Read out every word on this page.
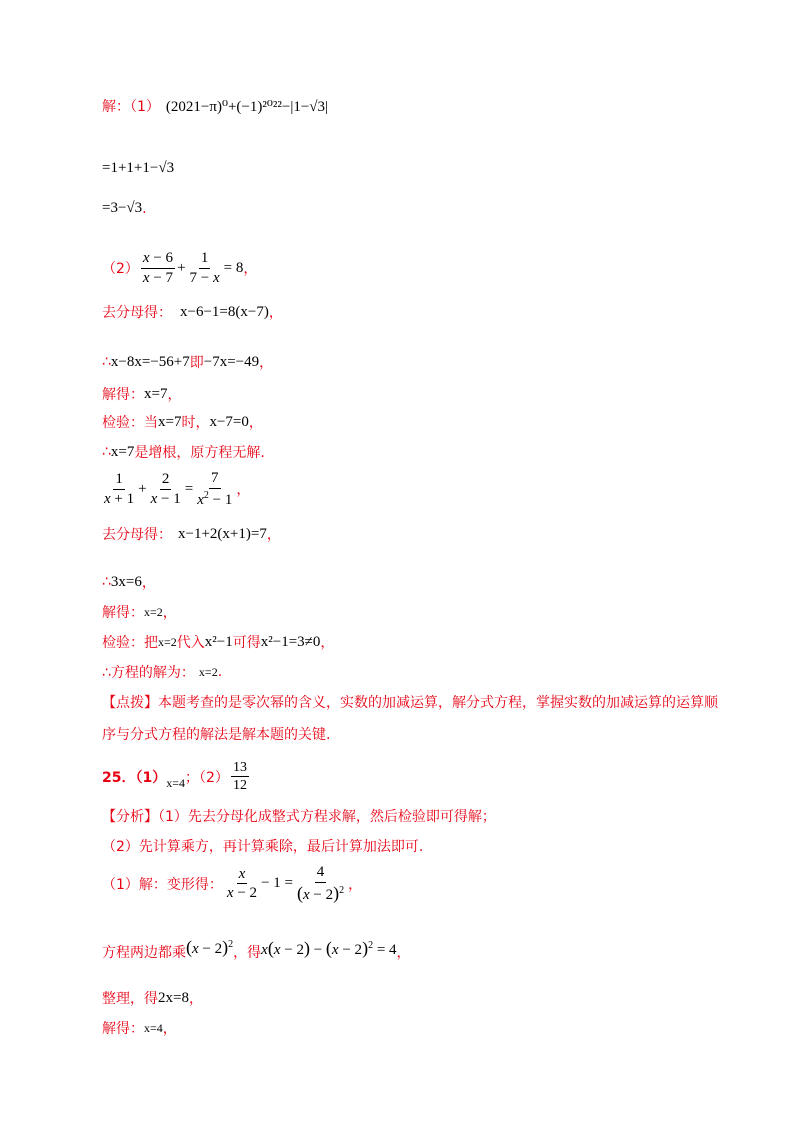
解：（1） (2021−π)⁰+(−1)²⁰²²−|1−√3|
=1+1+1−√3
=3−√3 .
$(2) \frac{x - 6}{x - 7} + \frac{1}{7 - x} = 8$ ，
去分母得： x−6−1=8(x−7) ，
∴ x−8x=−56+7 即 −7x=−49 ，
解得： x=7 ，
检验：当 x=7 时， x−7=0 ，
∴ x=7 是增根，原方程无解.
$\frac{1}{x + 1} + \frac{2}{x - 1} = \frac{7}{x^2 - 1}$ ，
去分母得： x−1+2(x+1)=7 ，
∴ 3x=6 ，
解得： x=2 ，
检验：把 x=2 代入 x²−1 可得 x²−1=3≠0 ，
∴方程的解为： x=2 .
【点拨】本题考查的是零次幂的含义，实数的加减运算，解分式方程，掌握实数的加减运算的运算顺
序与分式方程的解法是解本题的关键.
25．（1） x=4 ；$(2) \frac{13}{12}$
【分析】（1）先去分母化成整式方程求解，然后检验即可得解；
（2）先计算乘方，再计算乘除，最后计算加法即可.
（1）解：变形得： $\frac{x}{x - 2} - 1 = \frac{4}{(x - 2)^2}$ ，
方程两边都乘 $(x - 2)^2$
，得 $x(x - 2) - (x - 2)^2 = 4$ ，
整理，得 2x=8 ，
解得： x=4 ，
